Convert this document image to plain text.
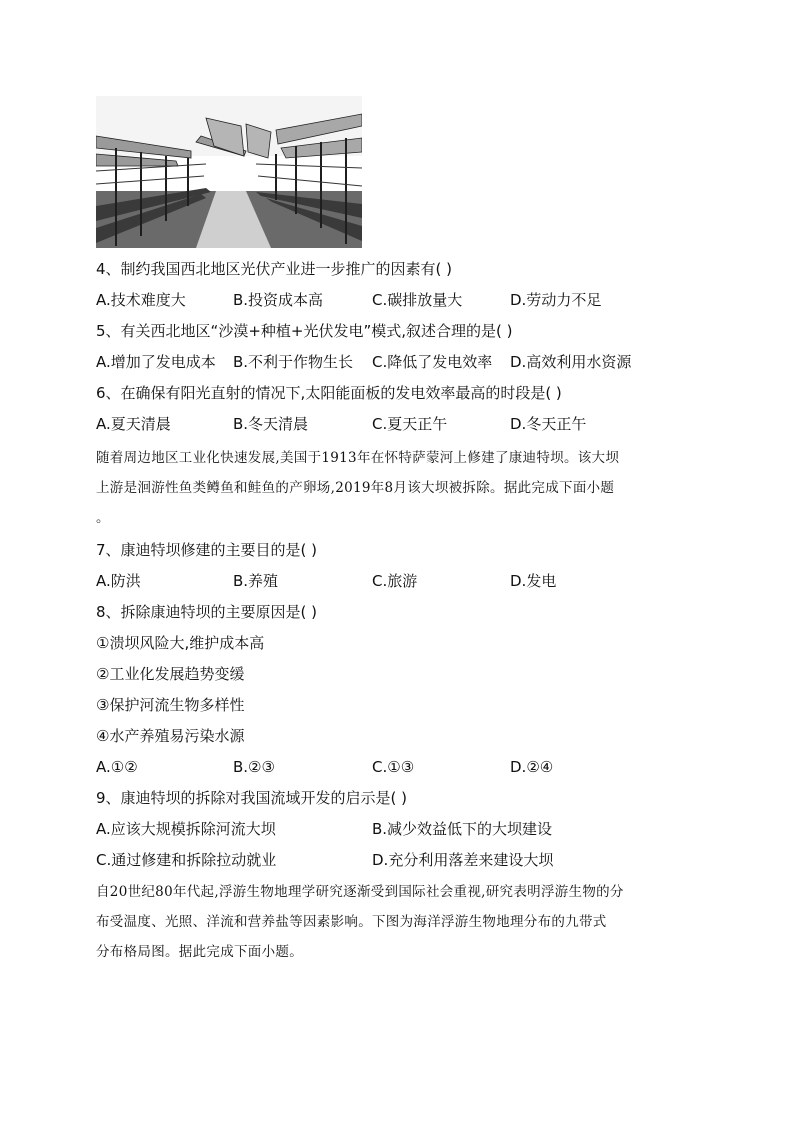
4、制约我国西北地区光伏产业进一步推广的因素有( )
A.技术难度大	B.投资成本高	C.碳排放量大	D.劳动力不足
5、有关西北地区“沙漠+种植+光伏发电”模式,叙述合理的是( )
A.增加了发电成本 B.不利于作物生长 C.降低了发电效率 D.高效利用水资源
6、在确保有阳光直射的情况下,太阳能面板的发电效率最高的时段是( )
A.夏天清晨	B.冬天清晨	C.夏天正午	D.冬天正午
随着周边地区工业化快速发展,美国于1913年在怀特萨蒙河上修建了康迪特坝。该大坝
上游是洄游性鱼类鳟鱼和鲑鱼的产卵场,2019年8月该大坝被拆除。据此完成下面小题
。
7、康迪特坝修建的主要目的是( )
A.防洪	B.养殖	C.旅游	D.发电
8、拆除康迪特坝的主要原因是( )
①溃坝风险大,维护成本高
②工业化发展趋势变缓
③保护河流生物多样性
④水产养殖易污染水源
A.①②	B.②③	C.①③	D.②④
9、康迪特坝的拆除对我国流域开发的启示是( )
A.应该大规模拆除河流大坝	B.减少效益低下的大坝建设
C.通过修建和拆除拉动就业	D.充分利用落差来建设大坝
自20世纪80年代起,浮游生物地理学研究逐渐受到国际社会重视,研究表明浮游生物的分
布受温度、光照、洋流和营养盐等因素影响。下图为海洋浮游生物地理分布的九带式
分布格局图。据此完成下面小题。
